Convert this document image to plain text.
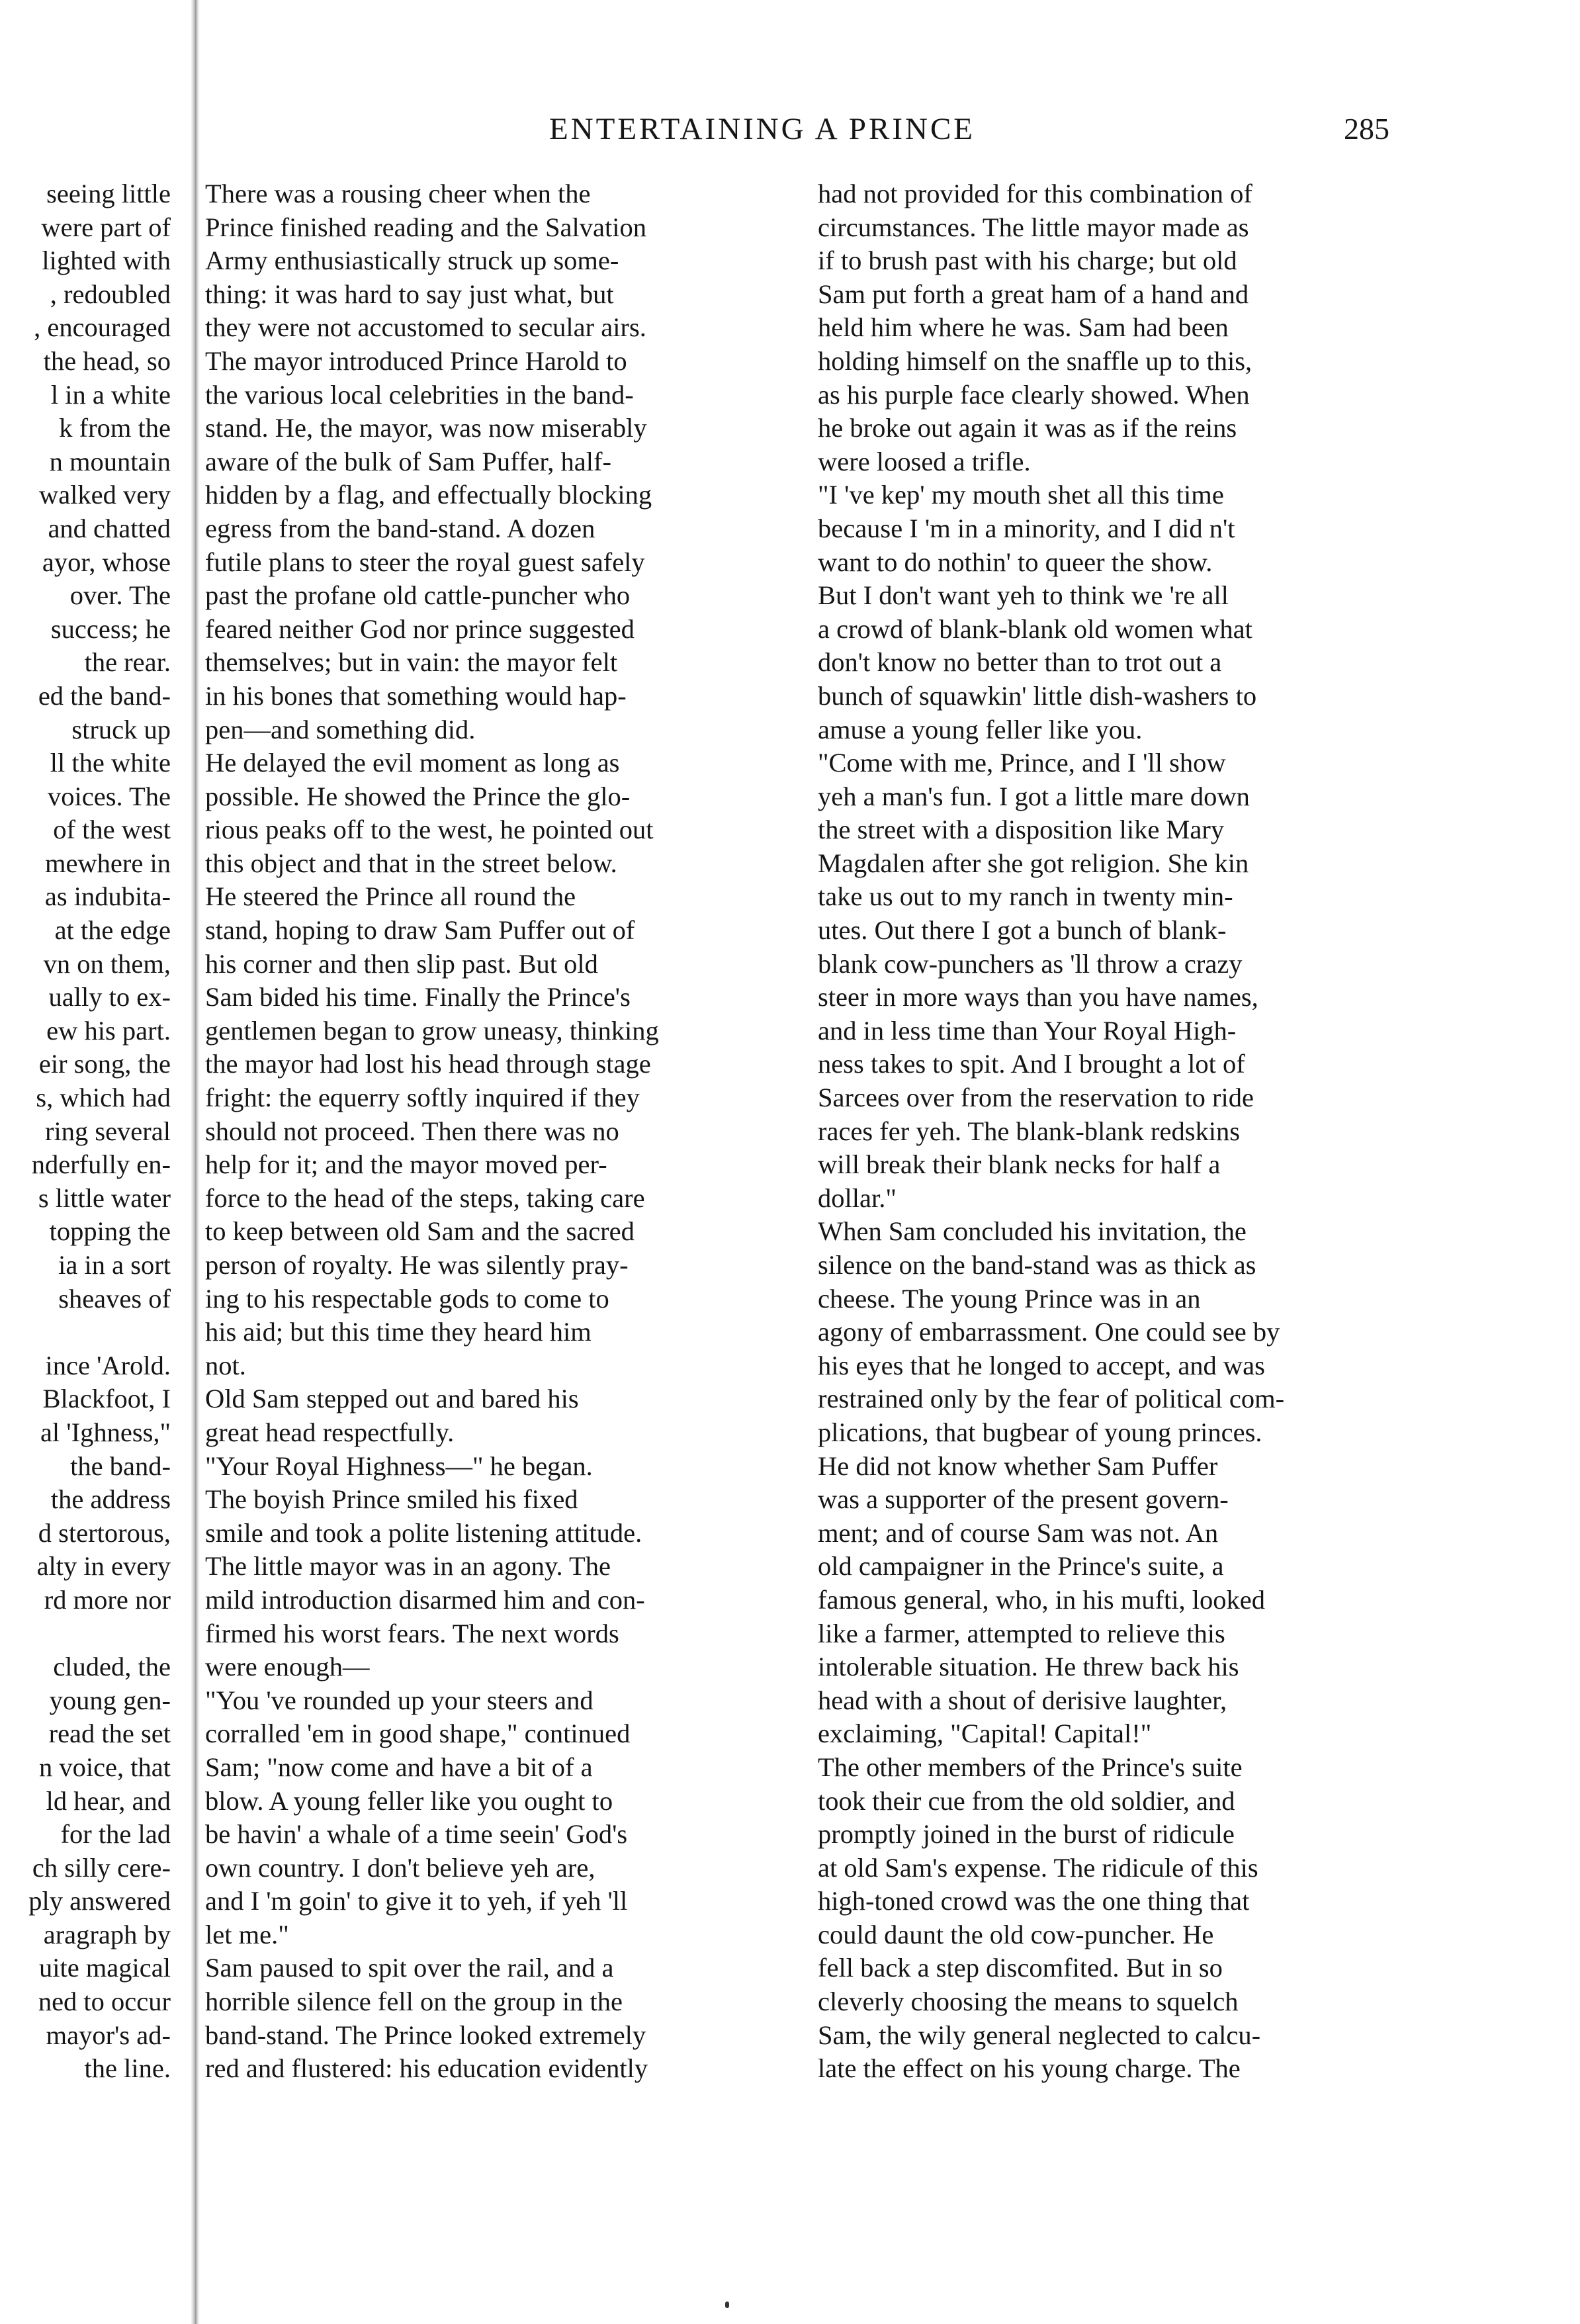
ENTERTAINING A PRINCE	285

seeing little

were part of

lighted with

, redoubled

, encouraged

the head, so

l in a white

k from the

n mountain

walked very

and chatted

ayor, whose

over. The

success; he

the rear.

ed the band-

struck up

ll the white

voices. The

of the west

mewhere in

as indubita-

at the edge

vn on them,

ually to ex-

ew his part.

eir song, the

s, which had

ring several

nderfully en-

s little water

topping the

ia in a sort

sheaves of

ince 'Arold.

Blackfoot, I

al 'Ighness,"

the band-

the address

d stertorous,

alty in every

rd more nor

cluded, the

young gen-

read the set

n voice, that

ld hear, and

for the lad

ch silly cere-

ply answered

aragraph by

uite magical

ned to occur

mayor's ad-

the line.

There was a rousing cheer when the

Prince finished reading and the Salvation

Army enthusiastically struck up some-

thing: it was hard to say just what, but

they were not accustomed to secular airs.

The mayor introduced Prince Harold to

the various local celebrities in the band-

stand. He, the mayor, was now miserably

aware of the bulk of Sam Puffer, half-

hidden by a flag, and effectually blocking

egress from the band-stand. A dozen

futile plans to steer the royal guest safely

past the profane old cattle-puncher who

feared neither God nor prince suggested

themselves; but in vain: the mayor felt

in his bones that something would hap-

pen—and something did.

He delayed the evil moment as long as

possible. He showed the Prince the glo-

rious peaks off to the west, he pointed out

this object and that in the street below.

He steered the Prince all round the

stand, hoping to draw Sam Puffer out of

his corner and then slip past. But old

Sam bided his time. Finally the Prince's

gentlemen began to grow uneasy, thinking

the mayor had lost his head through stage

fright: the equerry softly inquired if they

should not proceed. Then there was no

help for it; and the mayor moved per-

force to the head of the steps, taking care

to keep between old Sam and the sacred

person of royalty. He was silently pray-

ing to his respectable gods to come to

his aid; but this time they heard him

not.

Old Sam stepped out and bared his

great head respectfully.

"Your Royal Highness—" he began.

The boyish Prince smiled his fixed

smile and took a polite listening attitude.

The little mayor was in an agony. The

mild introduction disarmed him and con-

firmed his worst fears. The next words

were enough—

"You 've rounded up your steers and

corralled 'em in good shape," continued

Sam; "now come and have a bit of a

blow. A young feller like you ought to

be havin' a whale of a time seein' God's

own country. I don't believe yeh are,

and I 'm goin' to give it to yeh, if yeh 'll

let me."

Sam paused to spit over the rail, and a

horrible silence fell on the group in the

band-stand. The Prince looked extremely

red and flustered: his education evidently

had not provided for this combination of

circumstances. The little mayor made as

if to brush past with his charge; but old

Sam put forth a great ham of a hand and

held him where he was. Sam had been

holding himself on the snaffle up to this,

as his purple face clearly showed. When

he broke out again it was as if the reins

were loosed a trifle.

"I 've kep' my mouth shet all this time

because I 'm in a minority, and I did n't

want to do nothin' to queer the show.

But I don't want yeh to think we 're all

a crowd of blank-blank old women what

don't know no better than to trot out a

bunch of squawkin' little dish-washers to

amuse a young feller like you.

"Come with me, Prince, and I 'll show

yeh a man's fun. I got a little mare down

the street with a disposition like Mary

Magdalen after she got religion. She kin

take us out to my ranch in twenty min-

utes. Out there I got a bunch of blank-

blank cow-punchers as 'll throw a crazy

steer in more ways than you have names,

and in less time than Your Royal High-

ness takes to spit. And I brought a lot of

Sarcees over from the reservation to ride

races fer yeh. The blank-blank redskins

will break their blank necks for half a

dollar."

When Sam concluded his invitation, the

silence on the band-stand was as thick as

cheese. The young Prince was in an

agony of embarrassment. One could see by

his eyes that he longed to accept, and was

restrained only by the fear of political com-

plications, that bugbear of young princes.

He did not know whether Sam Puffer

was a supporter of the present govern-

ment; and of course Sam was not. An

old campaigner in the Prince's suite, a

famous general, who, in his mufti, looked

like a farmer, attempted to relieve this

intolerable situation. He threw back his

head with a shout of derisive laughter,

exclaiming, "Capital! Capital!"

The other members of the Prince's suite

took their cue from the old soldier, and

promptly joined in the burst of ridicule

at old Sam's expense. The ridicule of this

high-toned crowd was the one thing that

could daunt the old cow-puncher. He

fell back a step discomfited. But in so

cleverly choosing the means to squelch

Sam, the wily general neglected to calcu-

late the effect on his young charge. The
